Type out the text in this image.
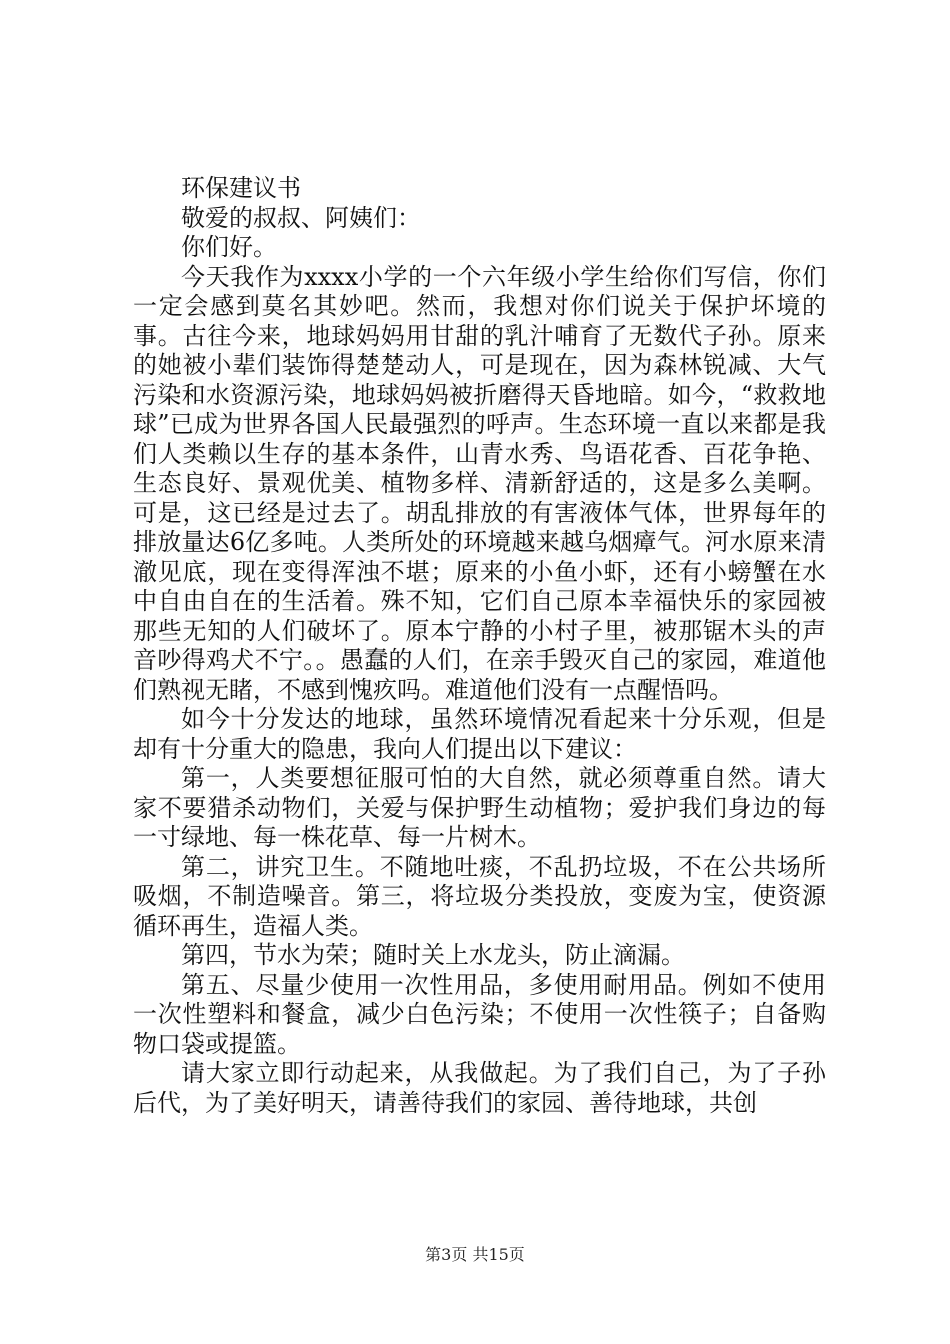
环保建议书

敬爱的叔叔、阿姨们：

你们好。

今天我作为xxxx小学的一个六年级小学生给你们写信，你们一定会感到莫名其妙吧。然而，我想对你们说关于保护坏境的事。古往今来，地球妈妈用甘甜的乳汁哺育了无数代子孙。原来的她被小辈们装饰得楚楚动人，可是现在，因为森林锐减、大气污染和水资源污染，地球妈妈被折磨得天昏地暗。如今，“救救地球”已成为世界各国人民最强烈的呼声。生态环境一直以来都是我们人类赖以生存的基本条件，山青水秀、鸟语花香、百花争艳、生态良好、景观优美、植物多样、清新舒适的，这是多么美啊。可是，这已经是过去了。胡乱排放的有害液体气体，世界每年的排放量达6亿多吨。人类所处的环境越来越乌烟瘴气。河水原来清澈见底，现在变得浑浊不堪；原来的小鱼小虾，还有小螃蟹在水中自由自在的生活着。殊不知，它们自己原本幸福快乐的家园被那些无知的人们破坏了。原本宁静的小村子里，被那锯木头的声音吵得鸡犬不宁。。愚蠢的人们，在亲手毁灭自己的家园，难道他们熟视无睹，不感到愧疚吗。难道他们没有一点醒悟吗。

如今十分发达的地球，虽然环境情况看起来十分乐观，但是却有十分重大的隐患，我向人们提出以下建议：

第一，人类要想征服可怕的大自然，就必须尊重自然。请大家不要猎杀动物们，关爱与保护野生动植物；爱护我们身边的每一寸绿地、每一株花草、每一片树木。

第二，讲究卫生。不随地吐痰，不乱扔垃圾，不在公共场所吸烟，不制造噪音。第三，将垃圾分类投放，变废为宝，使资源循环再生，造福人类。

第四，节水为荣；随时关上水龙头，防止滴漏。

第五、尽量少使用一次性用品，多使用耐用品。例如不使用一次性塑料和餐盒，减少白色污染；不使用一次性筷子；自备购物口袋或提篮。

请大家立即行动起来，从我做起。为了我们自己，为了子孙后代，为了美好明天，请善待我们的家园、善待地球，共创

第3页 共15页
